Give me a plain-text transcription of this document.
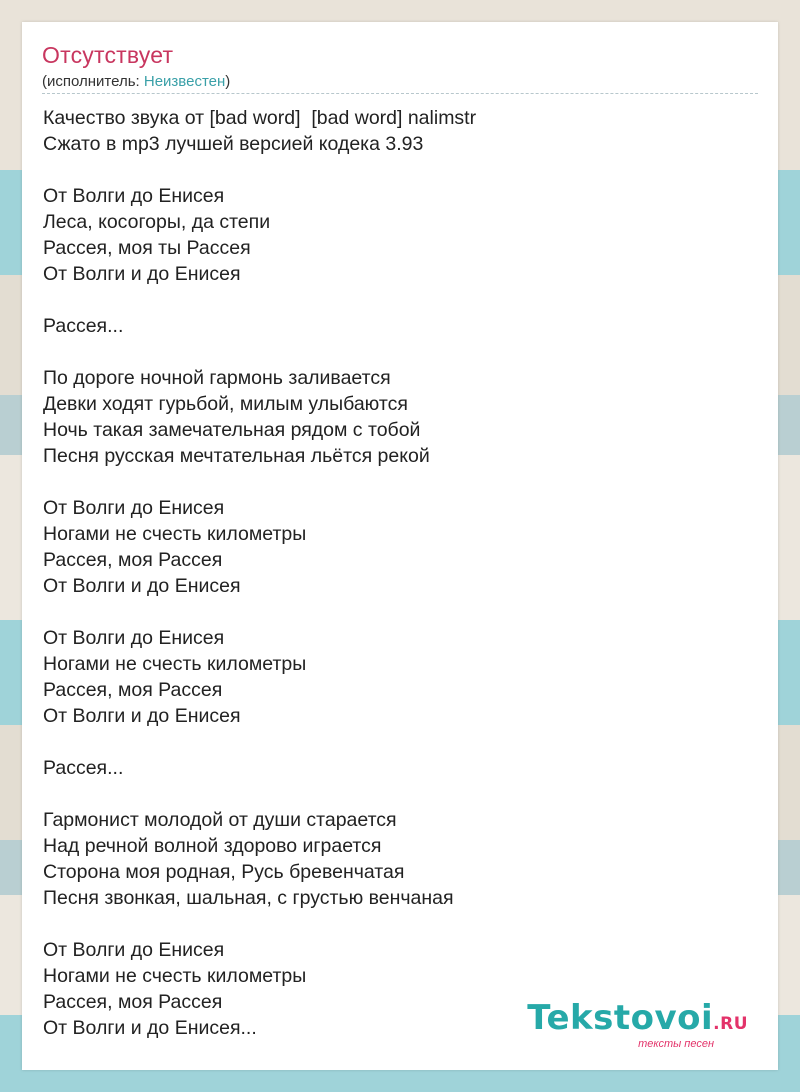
Отсутствует
(исполнитель: Неизвестен)
Качество звука от [bad word]  [bad word] nalimstr
Сжато в mp3 лучшей версией кодека 3.93
От Волги до Енисея
Леса, косогоры, да степи
Рассея, моя ты Рассея
От Волги и до Енисея
Рассея...
По дороге ночной гармонь заливается
Девки ходят гурьбой, милым улыбаются
Ночь такая замечательная рядом с тобой
Песня русская мечтательная льётся рекой
От Волги до Енисея
Ногами не счесть километры
Рассея, моя Рассея
От Волги и до Енисея
От Волги до Енисея
Ногами не счесть километры
Рассея, моя Рассея
От Волги и до Енисея
Рассея...
Гармонист молодой от души старается
Над речной волной здорово играется
Сторона моя родная, Русь бревенчатая
Песня звонкая, шальная, с грустью венчаная
От Волги до Енисея
Ногами не счесть километры
Рассея, моя Рассея
От Волги и до Енисея...	Tekstovoi.RU
тексты песен
